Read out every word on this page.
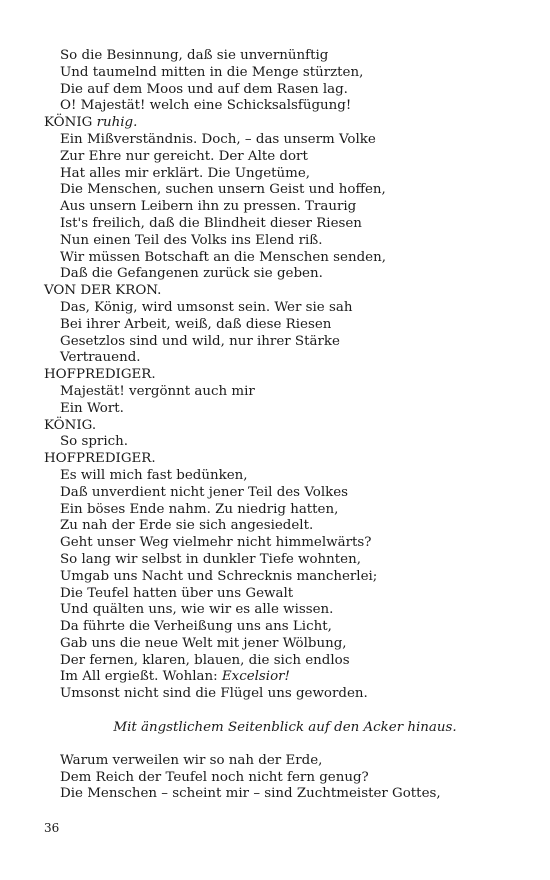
So die Besinnung, daß sie unvernünftig
Und taumelnd mitten in die Menge stürzten,
Die auf dem Moos und auf dem Rasen lag.
O! Majestät! welch eine Schicksalsfügung!
KÖNIG ruhig.
Ein Mißverständnis. Doch, – das unserm Volke
Zur Ehre nur gereicht. Der Alte dort
Hat alles mir erklärt. Die Ungetüme,
Die Menschen, suchen unsern Geist und hoffen,
Aus unsern Leibern ihn zu pressen. Traurig
Ist's freilich, daß die Blindheit dieser Riesen
Nun einen Teil des Volks ins Elend riß.
Wir müssen Botschaft an die Menschen senden,
Daß die Gefangenen zurück sie geben.
VON DER KRON.
Das, König, wird umsonst sein. Wer sie sah
Bei ihrer Arbeit, weiß, daß diese Riesen
Gesetzlos sind und wild, nur ihrer Stärke
Vertrauend.
HOFPREDIGER.
Majestät! vergönnt auch mir
Ein Wort.
KÖNIG.
So sprich.
HOFPREDIGER.
Es will mich fast bedünken,
Daß unverdient nicht jener Teil des Volkes
Ein böses Ende nahm. Zu niedrig hatten,
Zu nah der Erde sie sich angesiedelt.
Geht unser Weg vielmehr nicht himmelwärts?
So lang wir selbst in dunkler Tiefe wohnten,
Umgab uns Nacht und Schrecknis mancherlei;
Die Teufel hatten über uns Gewalt
Und quälten uns, wie wir es alle wissen.
Da führte die Verheißung uns ans Licht,
Gab uns die neue Welt mit jener Wölbung,
Der fernen, klaren, blauen, die sich endlos
Im All ergießt. Wohlan: Excelsior!
Umsonst nicht sind die Flügel uns geworden.
Mit ängstlichem Seitenblick auf den Acker hinaus.
Warum verweilen wir so nah der Erde,
Dem Reich der Teufel noch nicht fern genug?
Die Menschen – scheint mir – sind Zuchtmeister Gottes,
36
